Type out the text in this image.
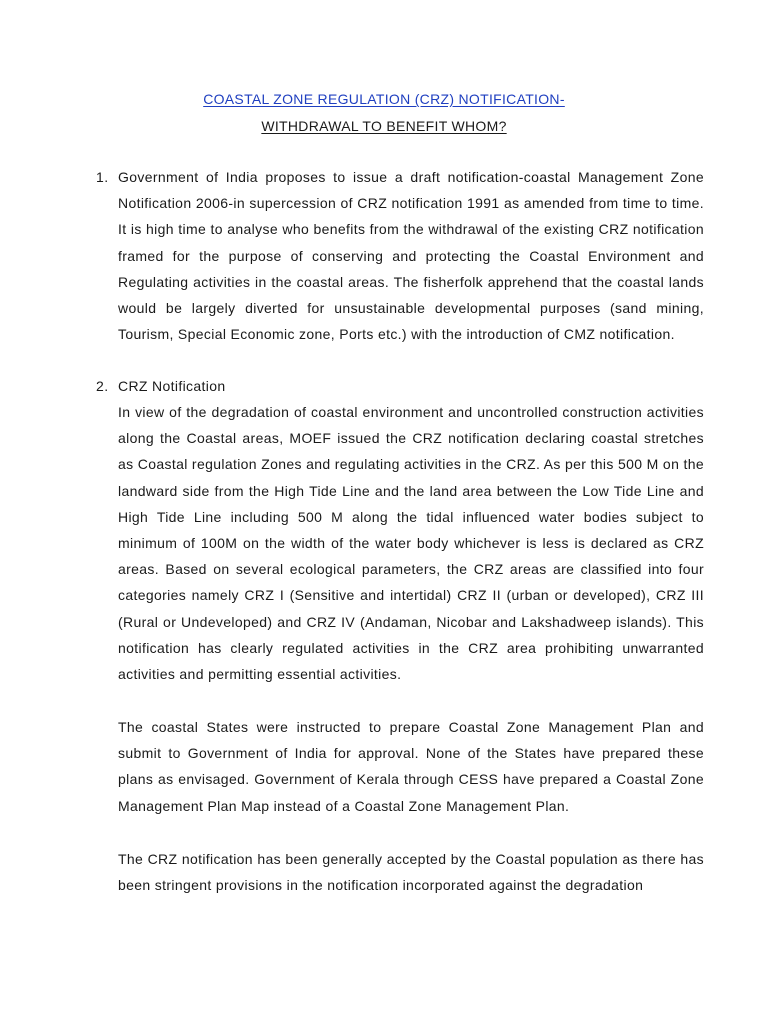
COASTAL ZONE REGULATION (CRZ) NOTIFICATION-
WITHDRAWAL TO BENEFIT WHOM?
1. Government of India proposes to issue a draft notification-coastal Management Zone Notification 2006-in supercession of CRZ notification 1991 as amended from time to time. It is high time to analyse who benefits from the withdrawal of the existing CRZ notification framed for the purpose of conserving and protecting the Coastal Environment and Regulating activities in the coastal areas. The fisherfolk apprehend that the coastal lands would be largely diverted for unsustainable developmental purposes (sand mining, Tourism, Special Economic zone, Ports etc.) with the introduction of CMZ notification.

2. CRZ Notification

In view of the degradation of coastal environment and uncontrolled construction activities along the Coastal areas, MOEF issued the CRZ notification declaring coastal stretches as Coastal regulation Zones and regulating activities in the CRZ. As per this 500 M on the landward side from the High Tide Line and the land area between the Low Tide Line and High Tide Line including 500 M along the tidal influenced water bodies subject to minimum of 100M on the width of the water body whichever is less is declared as CRZ areas. Based on several ecological parameters, the CRZ areas are classified into four categories namely CRZ I (Sensitive and intertidal) CRZ II (urban or developed), CRZ III (Rural or Undeveloped) and CRZ IV (Andaman, Nicobar and Lakshadweep islands). This notification has clearly regulated activities in the CRZ area prohibiting unwarranted activities and permitting essential activities.

The coastal States were instructed to prepare Coastal Zone Management Plan and submit to Government of India for approval. None of the States have prepared these plans as envisaged. Government of Kerala through CESS have prepared a Coastal Zone Management Plan Map instead of a Coastal Zone Management Plan.

The CRZ notification has been generally accepted by the Coastal population as there has been stringent provisions in the notification incorporated against the degradation
